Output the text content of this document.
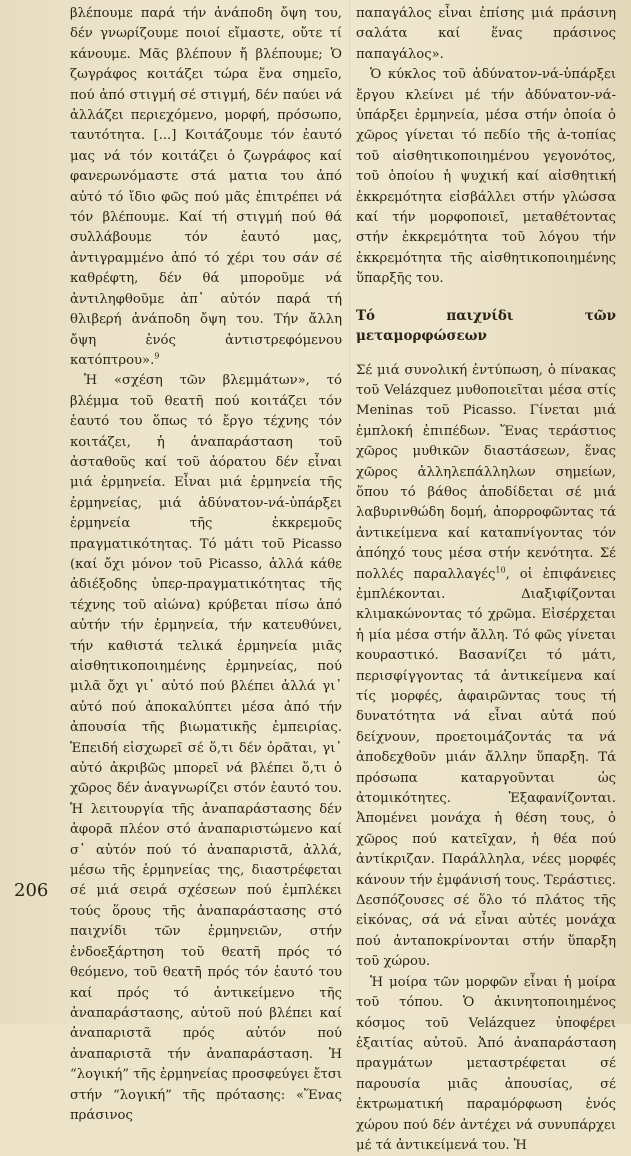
βλέπουμε παρά τήν ἀνάποδη ὄψη του, δέν γνωρίζουμε ποιοί εἴμαστε, οὔτε τί κάνουμε. Μᾶς βλέπουν ἤ βλέπουμε; Ὁ ζωγράφος κοιτάζει τώρα ἕνα σημεῖο, πού ἀπό στιγμή σέ στιγμή, δέν παύει νά ἀλλάζει περιεχόμενο, μορφή, πρόσωπο, ταυτότητα. [...] Κοιτάζουμε τόν ἑαυτό μας νά τόν κοιτάζει ὁ ζωγράφος καί φανερωνόμαστε στά ματια του ἀπό αὐτό τό ἴδιο φῶς πού μᾶς ἐπιτρέπει νά τόν βλέπουμε. Καί τή στιγμή πού θά συλλάβουμε τόν ἑαυτό μας, ἀντιγραμμένο ἀπό τό χέρι του σάν σέ καθρέφτη, δέν θά μποροῦμε νά ἀντιληφθοῦμε ἀπ᾽ αὐτόν παρά τή θλιβερή ἀνάποδη ὄψη του. Τήν ἄλλη ὄψη ἑνός ἀντιστρεφόμενου κατόπτρου».$^9$

Ἡ «σχέση τῶν βλεμμάτων», τό βλέμμα τοῦ θεατῆ πού κοιτάζει τόν ἑαυτό του ὅπως τό ἔργο τέχνης τόν κοιτάζει, ἡ ἀναπαράσταση τοῦ ἀσταθοῦς καί τοῦ ἀόρατου δέν εἶναι μιά ἑρμηνεία. Εἶναι μιά ἑρμηνεία τῆς ἑρμηνείας, μιά ἀδύνατον-νά-ὑπάρξει ἑρμηνεία τῆς ἐκκρεμοῦς πραγματικότητας. Τό μάτι τοῦ Picasso (καί ὄχι μόνον τοῦ Picasso, ἀλλά κάθε ἀδιέξοδης ὑπερ-πραγματικότητας τῆς τέχνης τοῦ αἰώνα) κρύβεται πίσω ἀπό αὐτήν τήν ἑρμηνεία, τήν κατευθύνει, τήν καθιστά τελικά ἑρμηνεία μιᾶς αἰσθητικοποιημένης ἑρμηνείας, πού μιλᾶ ὄχι γι᾽ αὐτό πού βλέπει ἀλλά γι᾽ αὐτό πού ἀποκαλύπτει μέσα ἀπό τήν ἀπουσία τῆς βιωματικῆς ἐμπειρίας. Ἐπειδή εἰσχωρεῖ σέ ὅ,τι δέν ὁρᾶται, γι᾽ αὐτό ἀκριβῶς μπορεῖ νά βλέπει ὅ,τι ὁ χῶρος δέν ἀναγνωρίζει στόν ἑαυτό του. Ἡ λειτουργία τῆς ἀναπαράστασης δέν ἀφορᾶ πλέον στό ἀναπαριστώμενο καί σ᾽ αὐτόν πού τό ἀναπαριστᾶ, ἀλλά, μέσω τῆς ἑρμηνείας της, διαστρέφεται σέ μιά σειρά σχέσεων πού ἐμπλέκει τούς ὅρους τῆς ἀναπαράστασης στό παιχνίδι τῶν ἑρμηνειῶν, στήν ἐνδοεξάρτηση τοῦ θεατῆ πρός τό θεόμενο, τοῦ θεατῆ πρός τόν ἑαυτό του καί πρός τό ἀντικείμενο τῆς ἀναπαράστασης, αὐτοῦ πού βλέπει καί ἀναπαριστᾶ πρός αὐτόν πού ἀναπαριστᾶ τήν ἀναπαράσταση. Ἡ “λογική” τῆς ἑρμηνείας προσφεύγει ἔτσι στήν “λογική” τῆς πρότασης: «Ἕνας πράσινος

παπαγάλος εἶναι ἐπίσης μιά πράσινη σαλάτα καί ἕνας πράσινος παπαγάλος».

Ὁ κύκλος τοῦ ἀδύνατον-νά-ὑπάρξει ἔργου κλείνει μέ τήν ἀδύνατον-νά-ὑπάρξει ἑρμηνεία, μέσα στήν ὁποία ὁ χῶρος γίνεται τό πεδίο τῆς ἀ-τοπίας τοῦ αἰσθητικοποιημένου γεγονότος, τοῦ ὁποίου ἡ ψυχική καί αἰσθητική ἐκκρεμότητα εἰσβάλλει στήν γλώσσα καί τήν μορφοποιεῖ, μεταθέτοντας στήν ἐκκρεμότητα τοῦ λόγου τήν ἐκκρεμότητα τῆς αἰσθητικοποιημένης ὕπαρξῆς του.

Τό παιχνίδι τῶν μεταμορφώσεων

Σέ μιά συνολική ἐντύπωση, ὁ πίνακας τοῦ Velázquez μυθοποιεῖται μέσα στίς Meninas τοῦ Picasso. Γίνεται μιά ἐμπλοκή ἐπιπέδων. Ἕνας τεράστιος χῶρος μυθικῶν διαστάσεων, ἕνας χῶρος ἀλληλεπάλληλων σημείων, ὅπου τό βάθος ἀποδίδεται σέ μιά λαβυρινθώδη δομή, ἀπορροφῶντας τά ἀντικείμενα καί καταπνίγοντας τόν ἀπόηχό τους μέσα στήν κενότητα. Σέ πολλές παραλλαγές$^{10}$, οἱ ἐπιφάνειες ἐμπλέκονται. Διαξιφίζονται κλιμακώνοντας τό χρῶμα. Εἰσέρχεται ἡ μία μέσα στήν ἄλλη. Τό φῶς γίνεται κουραστικό. Βασανίζει τό μάτι, περισφίγγοντας τά ἀντικείμενα καί τίς μορφές, ἀφαιρῶντας τους τή δυνατότητα νά εἶναι αὐτά πού δείχνουν, προετοιμάζοντάς τα νά ἀποδεχθοῦν μιάν ἄλλην ὕπαρξη. Τά πρόσωπα καταργοῦνται ὡς ἀτομικότητες. Ἐξαφανίζονται. Ἀπομένει μονάχα ἡ θέση τους, ὁ χῶρος πού κατεῖχαν, ἡ θέα πού ἀντίκριζαν. Παράλληλα, νέες μορφές κάνουν τήν ἐμφάνισή τους. Τεράστιες. Δεσπόζουσες σέ ὅλο τό πλάτος τῆς εἰκόνας, σά νά εἶναι αὐτές μονάχα πού ἀνταποκρίνονται στήν ὕπαρξη τοῦ χώρου.

Ἡ μοίρα τῶν μορφῶν εἶναι ἡ μοίρα τοῦ τόπου. Ὁ ἀκινητοποιημένος κόσμος τοῦ Velázquez ὑποφέρει ἐξαιτίας αὐτοῦ. Ἀπό ἀναπαράσταση πραγμάτων μεταστρέφεται σέ παρουσία μιᾶς ἀπουσίας, σέ ἐκτρωματική παραμόρφωση ἑνός χώρου πού δέν ἀντέχει νά συνυπάρχει μέ τά ἀντικείμενά του. Ἡ

206
